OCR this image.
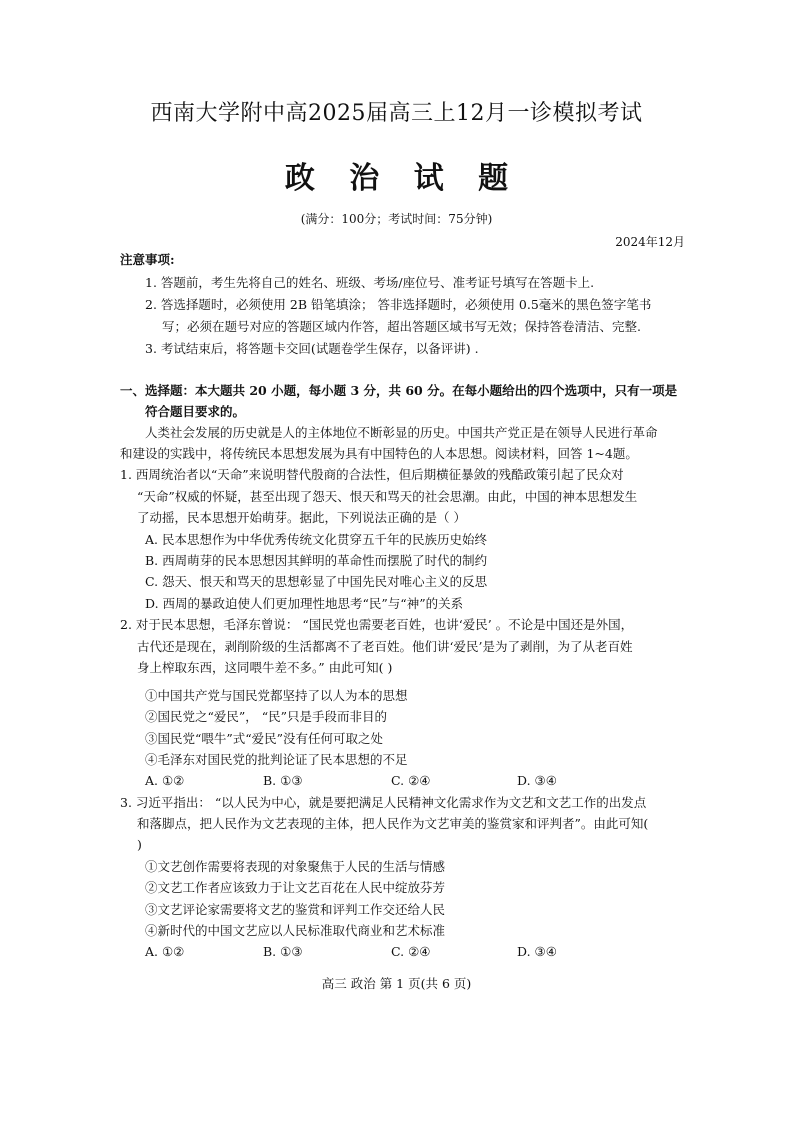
西南大学附中高2025届高三上12月一诊模拟考试
政 治 试 题
(满分：100分；考试时间：75分钟)
2024年12月
注意事项:
1. 答题前，考生先将自己的姓名、班级、考场/座位号、准考证号填写在答题卡上.
2. 答选择题时，必须使用 2B 铅笔填涂； 答非选择题时，必须使用 0.5毫米的黑色签字笔书
写；必须在题号对应的答题区域内作答，超出答题区域书写无效；保持答卷清洁、完整.
3. 考试结束后，将答题卡交回(试题卷学生保存，以备评讲) .
一、选择题：本大题共 20 小题，每小题 3 分，共 60 分。在每小题给出的四个选项中，只有一项是
符合题目要求的。
人类社会发展的历史就是人的主体地位不断彰显的历史。中国共产党正是在领导人民进行革命
和建设的实践中，将传统民本思想发展为具有中国特色的人本思想。阅读材料，回答 1~4题。
1. 西周统治者以“天命”来说明替代殷商的合法性，但后期横征暴敛的残酷政策引起了民众对
“天命”权威的怀疑，甚至出现了怨天、恨天和骂天的社会思潮。由此，中国的神本思想发生
了动摇，民本思想开始萌芽。据此，下列说法正确的是（ ）
A. 民本思想作为中华优秀传统文化贯穿五千年的民族历史始终
B. 西周萌芽的民本思想因其鲜明的革命性而摆脱了时代的制约
C. 怨天、恨天和骂天的思想彰显了中国先民对唯心主义的反思
D. 西周的暴政迫使人们更加理性地思考“民”与“神”的关系
2. 对于民本思想，毛泽东曾说： “国民党也需要老百姓，也讲‘爱民’ 。不论是中国还是外国，
古代还是现在，剥削阶级的生活都离不了老百姓。他们讲‘爱民’是为了剥削，为了从老百姓
身上榨取东西，这同喂牛差不多。” 由此可知( )
①中国共产党与国民党都坚持了以人为本的思想
②国民党之“爱民”， “民”只是手段而非目的
③国民党“喂牛”式“爱民”没有任何可取之处
④毛泽东对国民党的批判论证了民本思想的不足
A. ①②	B. ①③	C. ②④	D. ③④
3. 习近平指出： “以人民为中心，就是要把满足人民精神文化需求作为文艺和文艺工作的出发点
和落脚点，把人民作为文艺表现的主体，把人民作为文艺审美的鉴赏家和评判者”。由此可知(
)
①文艺创作需要将表现的对象聚焦于人民的生活与情感
②文艺工作者应该致力于让文艺百花在人民中绽放芬芳
③文艺评论家需要将文艺的鉴赏和评判工作交还给人民
④新时代的中国文艺应以人民标准取代商业和艺术标准
A. ①②	B. ①③	C. ②④	D. ③④
高三 政治 第 1 页(共 6 页)
